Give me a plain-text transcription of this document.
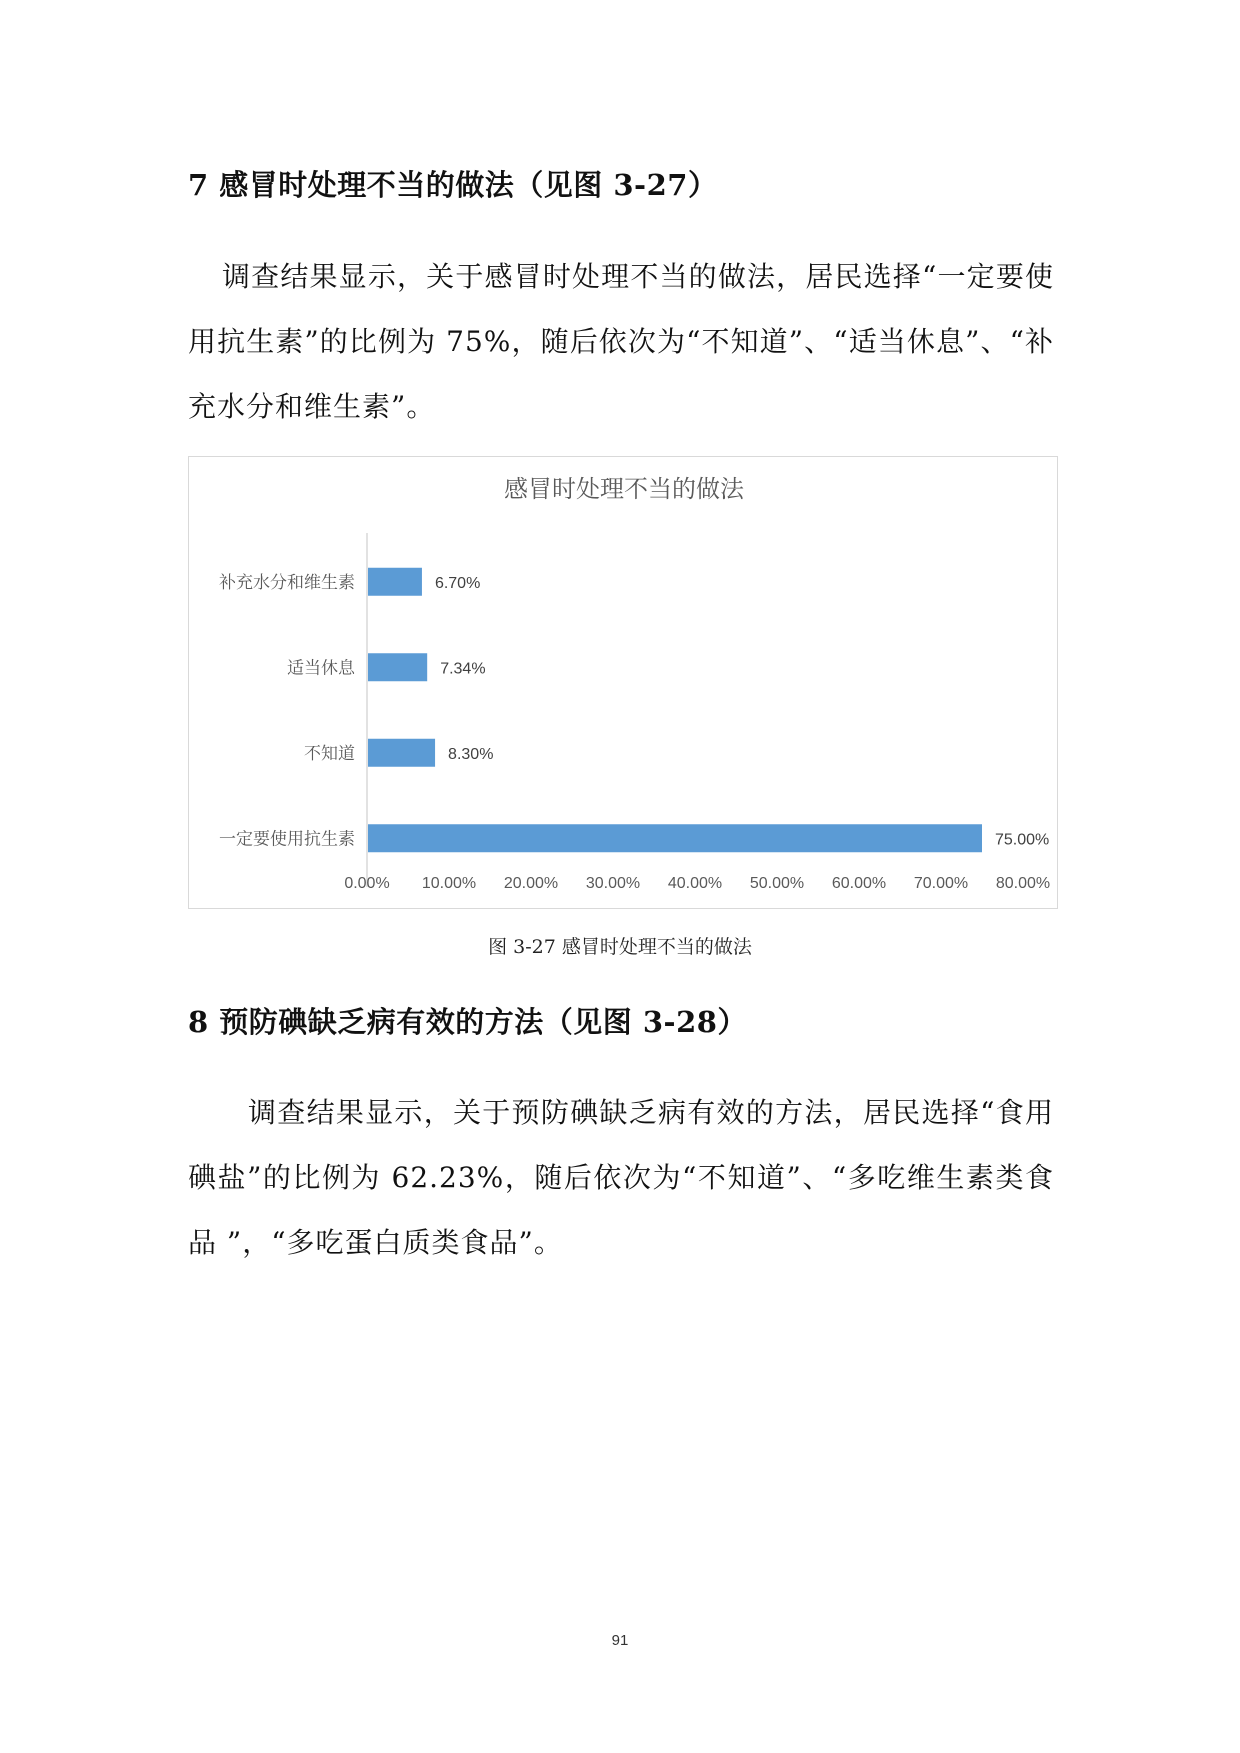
7 感冒时处理不当的做法（见图 3-27）
调查结果显示，关于感冒时处理不当的做法，居民选择“一定要使用抗生素”的比例为 75%，随后依次为“不知道”、“适当休息”、“补充水分和维生素”。
感冒时处理不当的做法
补充水分和维生素	6.70%
适当休息	7.34%
不知道	8.30%
一定要使用抗生素	75.00%
0.00% 10.00% 20.00% 30.00% 40.00% 50.00% 60.00% 70.00% 80.00%
图 3-27 感冒时处理不当的做法
8 预防碘缺乏病有效的方法（见图 3-28）
调查结果显示，关于预防碘缺乏病有效的方法，居民选择“食用碘盐”的比例为 62.23%，随后依次为“不知道”、“多吃维生素类食品 ”，“多吃蛋白质类食品”。
91
